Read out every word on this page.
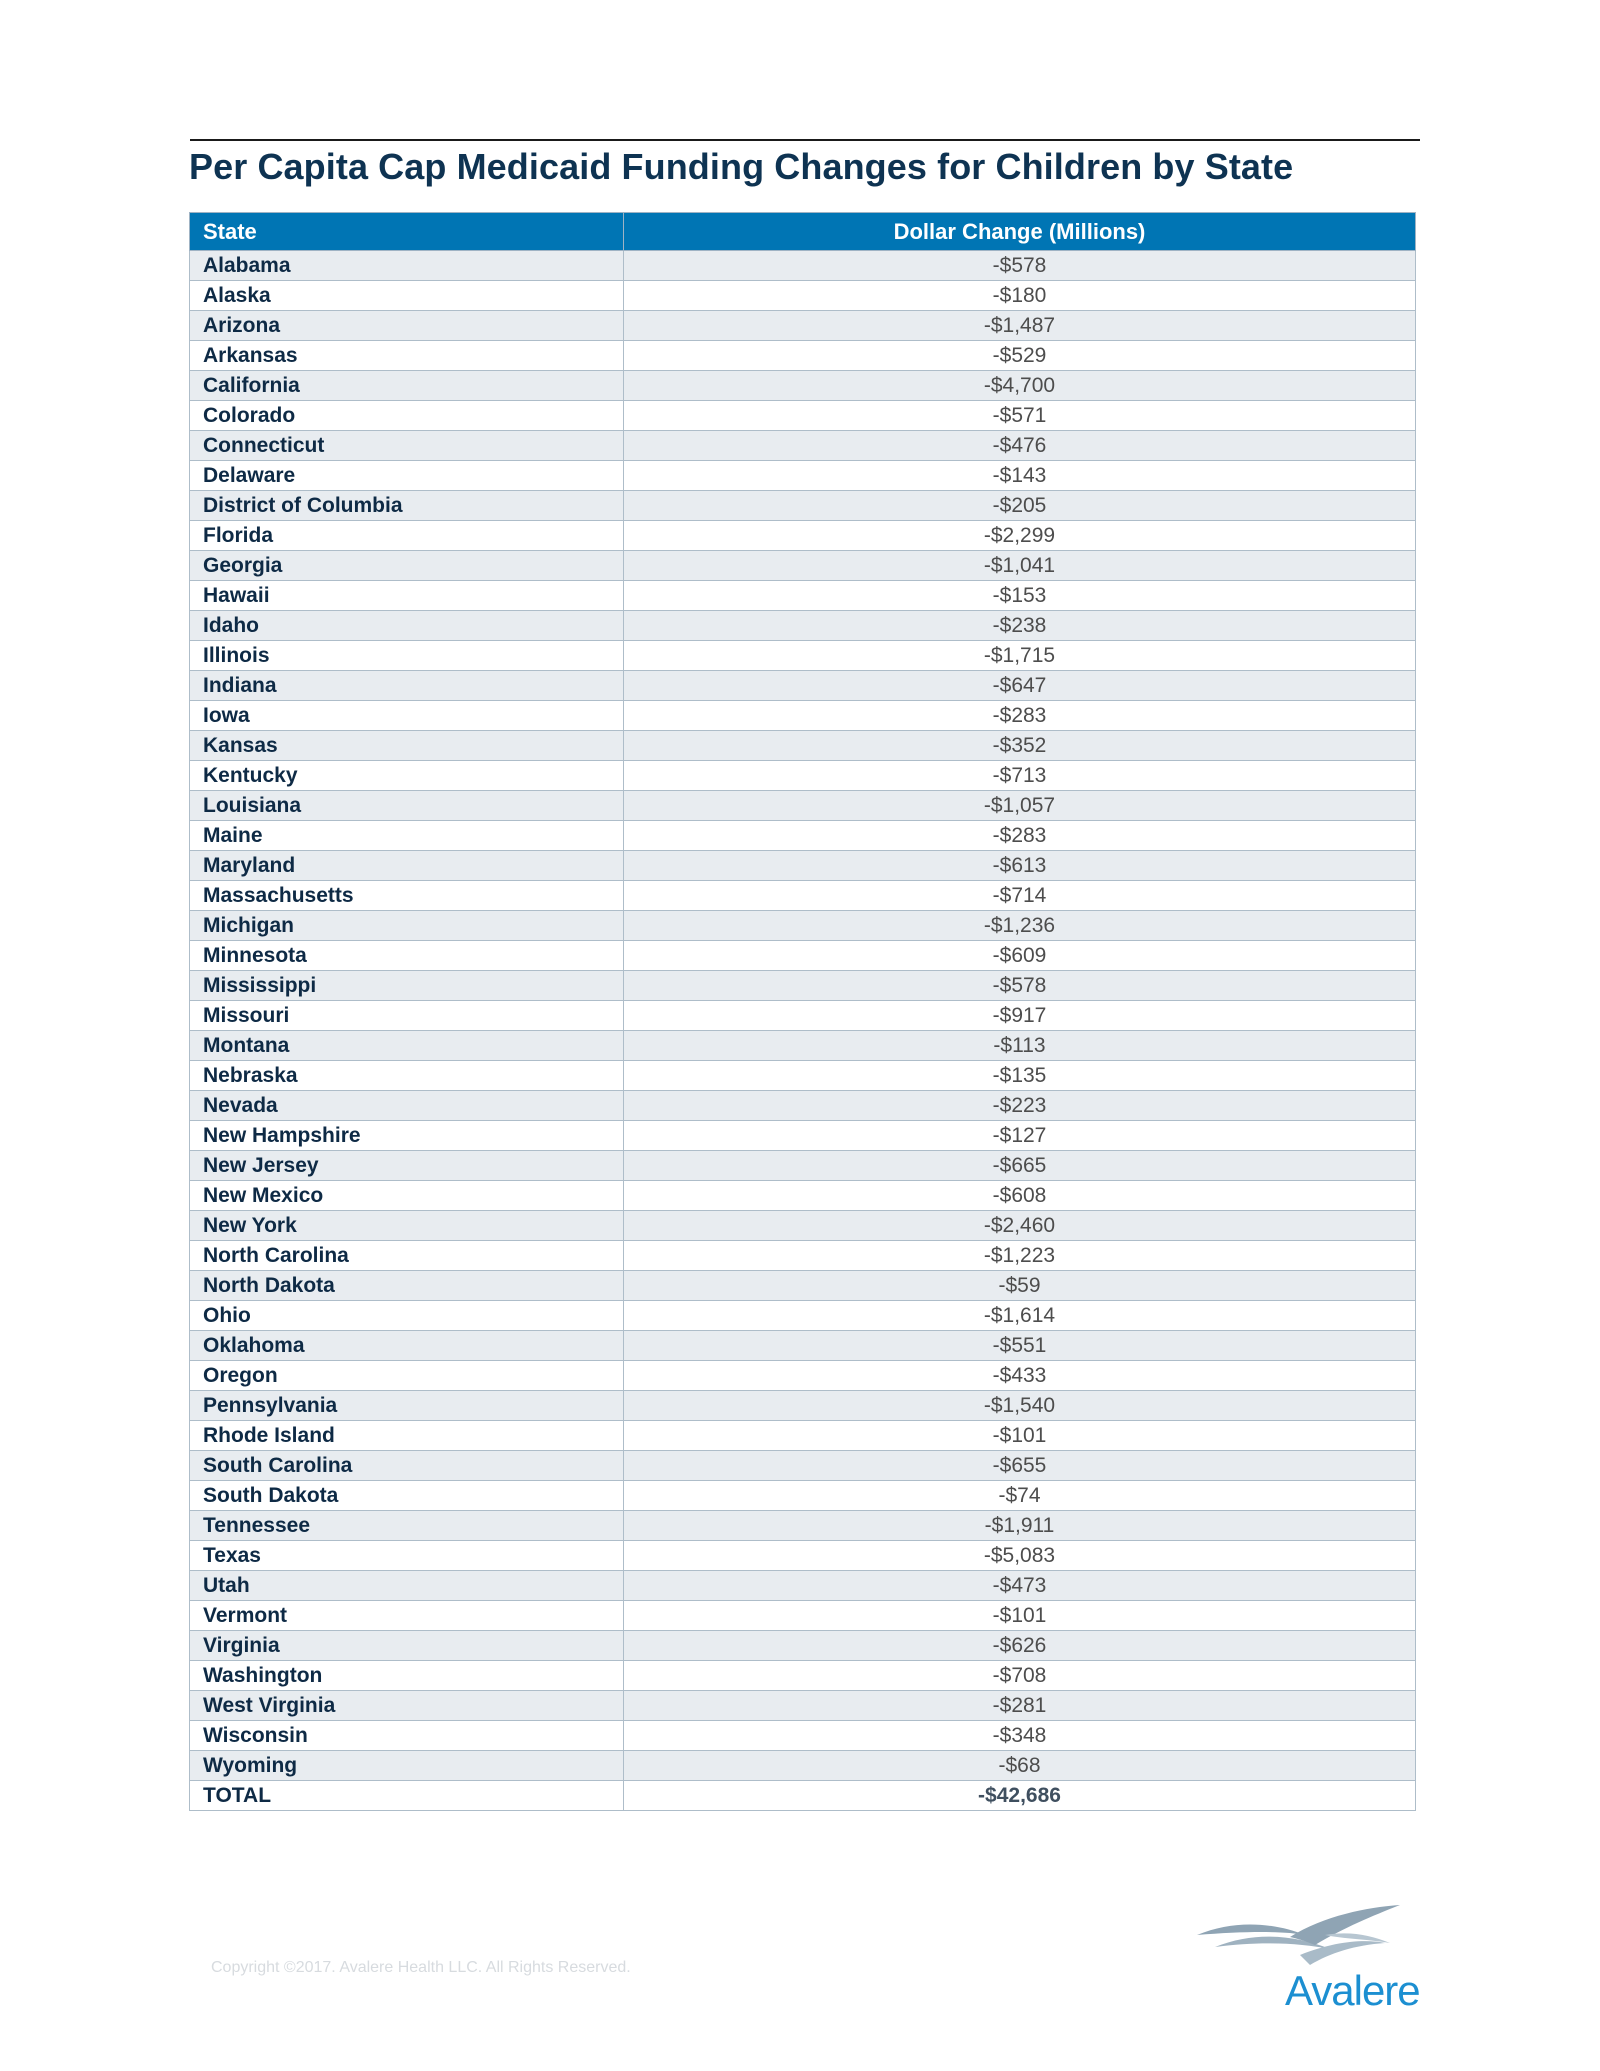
Per Capita Cap Medicaid Funding Changes for Children by State
State	Dollar Change (Millions)
Alabama	-$578
Alaska	-$180
Arizona	-$1,487
Arkansas	-$529
California	-$4,700
Colorado	-$571
Connecticut	-$476
Delaware	-$143
District of Columbia	-$205
Florida	-$2,299
Georgia	-$1,041
Hawaii	-$153
Idaho	-$238
Illinois	-$1,715
Indiana	-$647
Iowa	-$283
Kansas	-$352
Kentucky	-$713
Louisiana	-$1,057
Maine	-$283
Maryland	-$613
Massachusetts	-$714
Michigan	-$1,236
Minnesota	-$609
Mississippi	-$578
Missouri	-$917
Montana	-$113
Nebraska	-$135
Nevada	-$223
New Hampshire	-$127
New Jersey	-$665
New Mexico	-$608
New York	-$2,460
North Carolina	-$1,223
North Dakota	-$59
Ohio	-$1,614
Oklahoma	-$551
Oregon	-$433
Pennsylvania	-$1,540
Rhode Island	-$101
South Carolina	-$655
South Dakota	-$74
Tennessee	-$1,911
Texas	-$5,083
Utah	-$473
Vermont	-$101
Virginia	-$626
Washington	-$708
West Virginia	-$281
Wisconsin	-$348
Wyoming	-$68
TOTAL	-$42,686
Copyright ©2017. Avalere Health LLC. All Rights Reserved.	Avalere
